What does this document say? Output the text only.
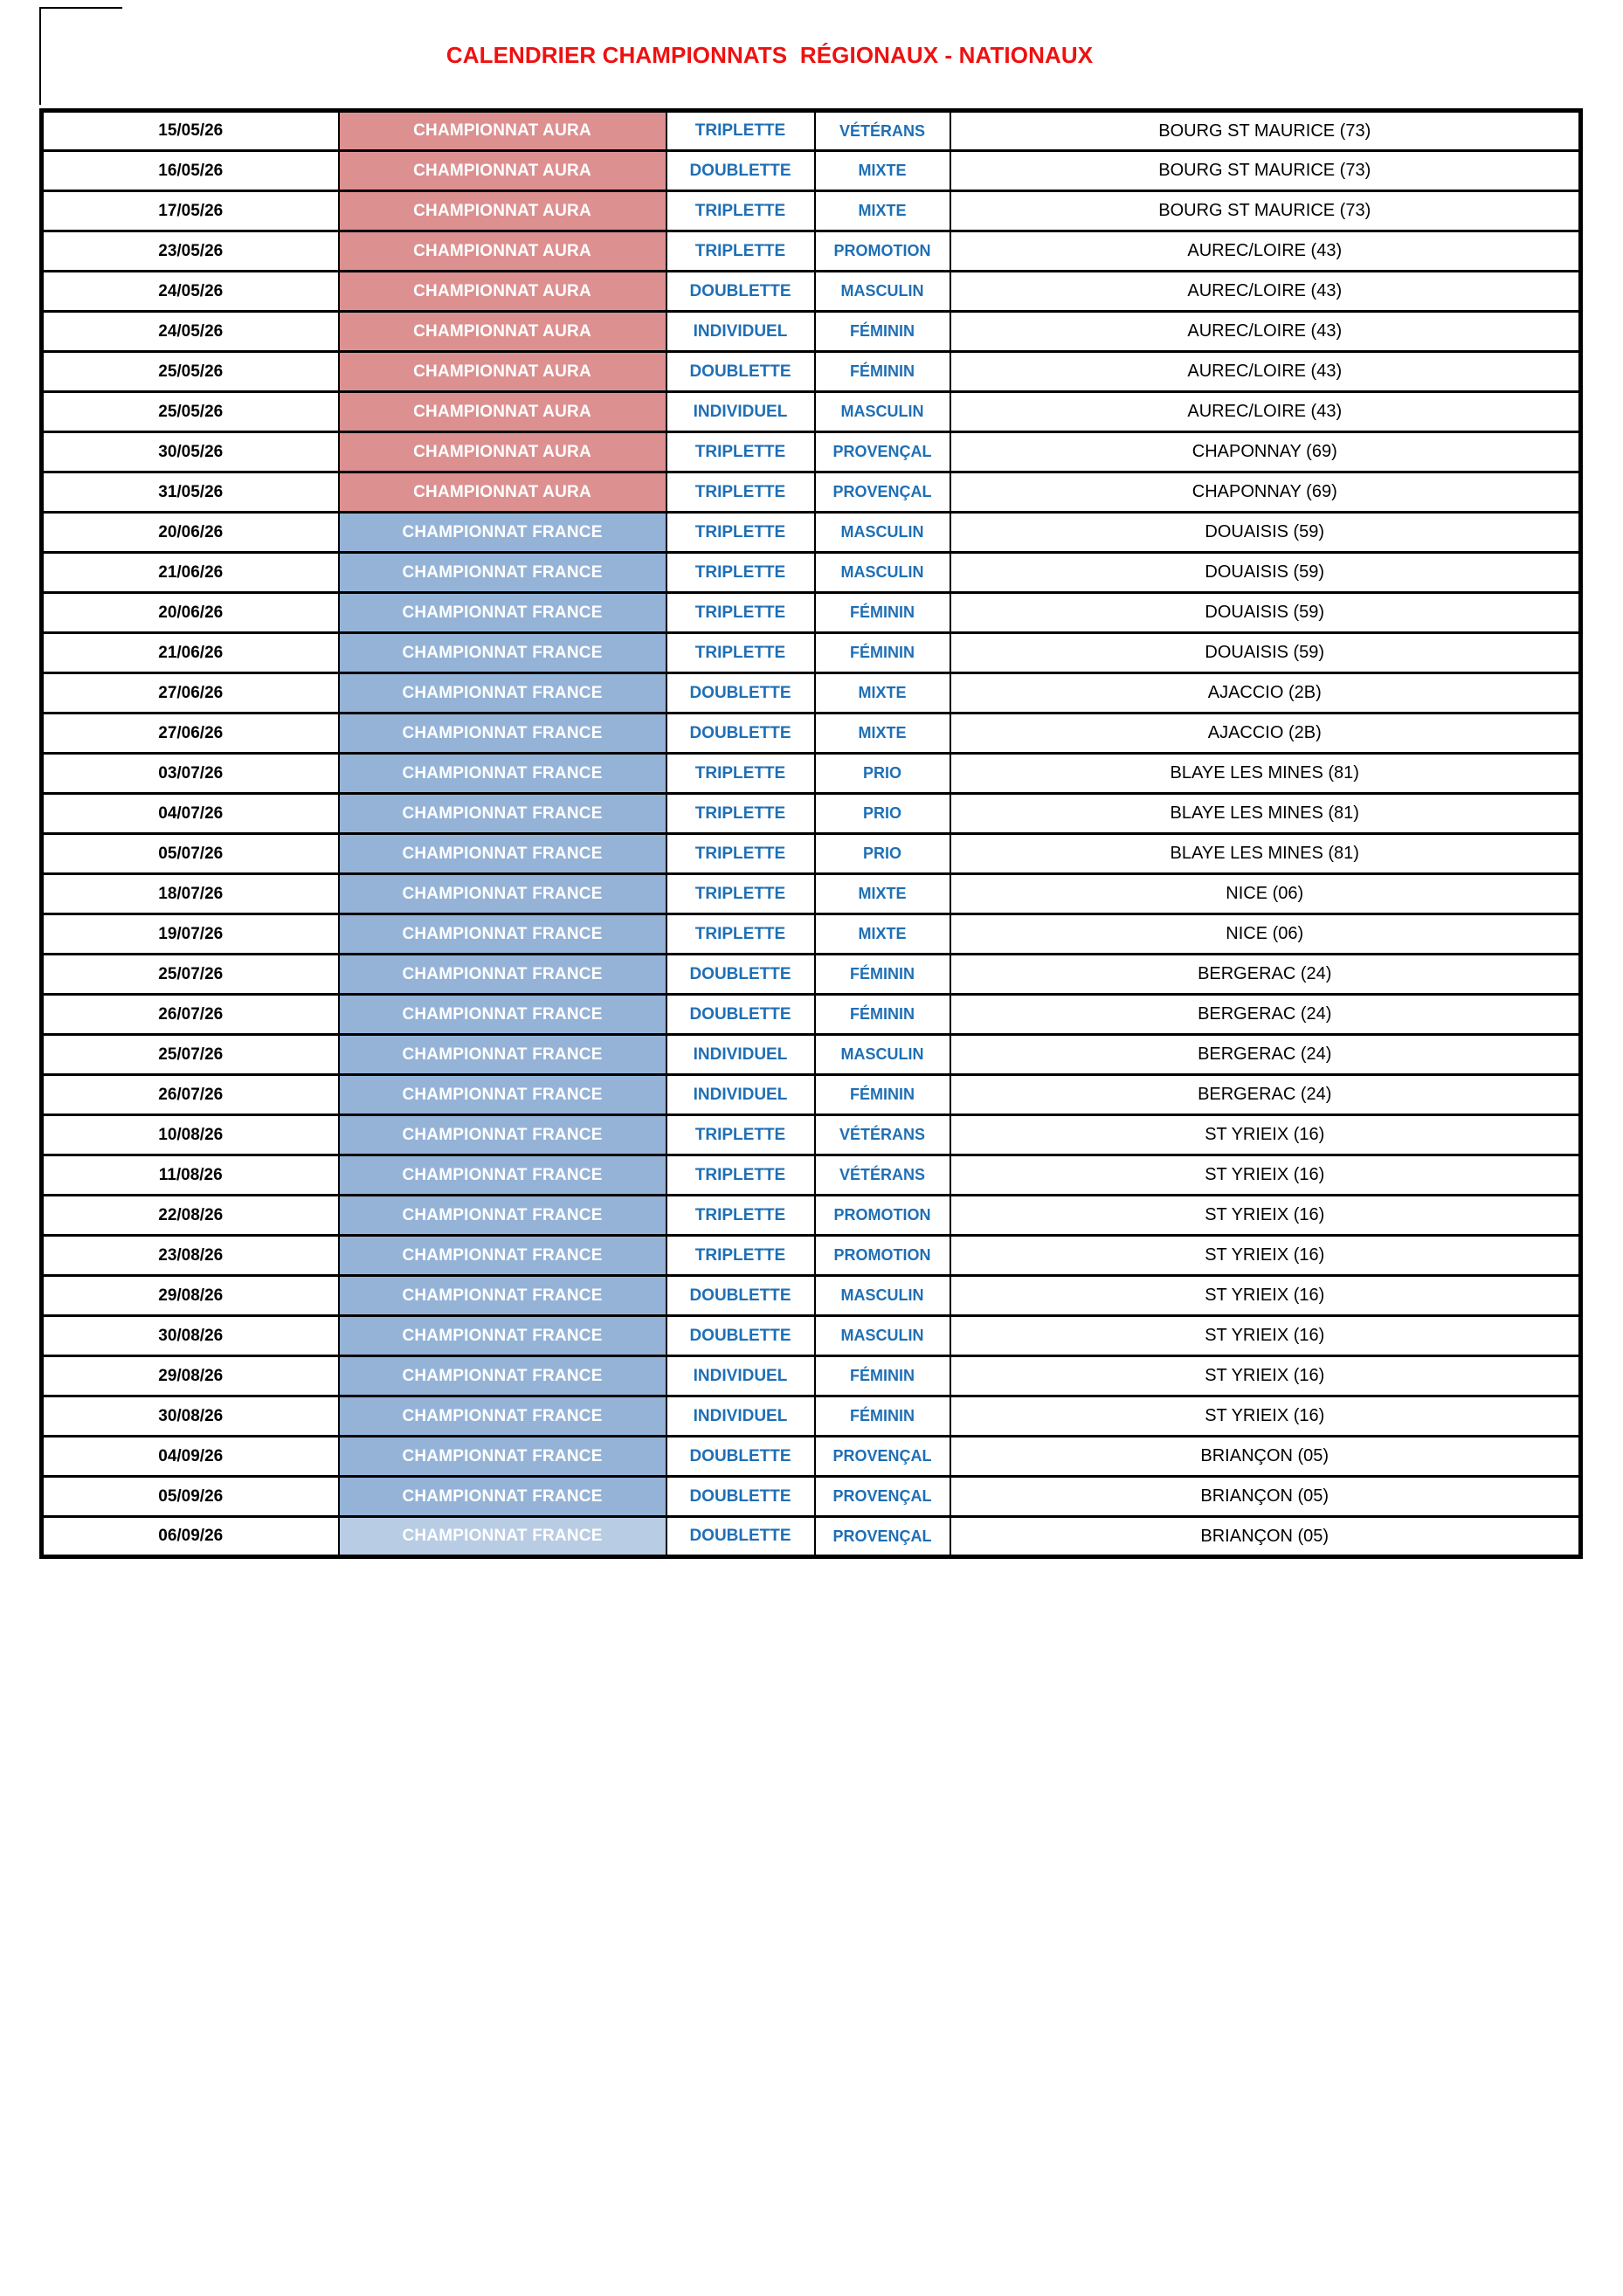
CALENDRIER CHAMPIONNATS  RÉGIONAUX - NATIONAUX
15/05/26	CHAMPIONNAT AURA	TRIPLETTE	VÉTÉRANS	BOURG ST MAURICE (73)
16/05/26	CHAMPIONNAT AURA	DOUBLETTE	MIXTE	BOURG ST MAURICE (73)
17/05/26	CHAMPIONNAT AURA	TRIPLETTE	MIXTE	BOURG ST MAURICE (73)
23/05/26	CHAMPIONNAT AURA	TRIPLETTE	PROMOTION	AUREC/LOIRE (43)
24/05/26	CHAMPIONNAT AURA	DOUBLETTE	MASCULIN	AUREC/LOIRE (43)
24/05/26	CHAMPIONNAT AURA	INDIVIDUEL	FÉMININ	AUREC/LOIRE (43)
25/05/26	CHAMPIONNAT AURA	DOUBLETTE	FÉMININ	AUREC/LOIRE (43)
25/05/26	CHAMPIONNAT AURA	INDIVIDUEL	MASCULIN	AUREC/LOIRE (43)
30/05/26	CHAMPIONNAT AURA	TRIPLETTE	PROVENÇAL	CHAPONNAY (69)
31/05/26	CHAMPIONNAT AURA	TRIPLETTE	PROVENÇAL	CHAPONNAY (69)
20/06/26	CHAMPIONNAT FRANCE	TRIPLETTE	MASCULIN	DOUAISIS (59)
21/06/26	CHAMPIONNAT FRANCE	TRIPLETTE	MASCULIN	DOUAISIS (59)
20/06/26	CHAMPIONNAT FRANCE	TRIPLETTE	FÉMININ	DOUAISIS (59)
21/06/26	CHAMPIONNAT FRANCE	TRIPLETTE	FÉMININ	DOUAISIS (59)
27/06/26	CHAMPIONNAT FRANCE	DOUBLETTE	MIXTE	AJACCIO (2B)
27/06/26	CHAMPIONNAT FRANCE	DOUBLETTE	MIXTE	AJACCIO (2B)
03/07/26	CHAMPIONNAT FRANCE	TRIPLETTE	PRIO	BLAYE LES MINES (81)
04/07/26	CHAMPIONNAT FRANCE	TRIPLETTE	PRIO	BLAYE LES MINES (81)
05/07/26	CHAMPIONNAT FRANCE	TRIPLETTE	PRIO	BLAYE LES MINES (81)
18/07/26	CHAMPIONNAT FRANCE	TRIPLETTE	MIXTE	NICE (06)
19/07/26	CHAMPIONNAT FRANCE	TRIPLETTE	MIXTE	NICE (06)
25/07/26	CHAMPIONNAT FRANCE	DOUBLETTE	FÉMININ	BERGERAC (24)
26/07/26	CHAMPIONNAT FRANCE	DOUBLETTE	FÉMININ	BERGERAC (24)
25/07/26	CHAMPIONNAT FRANCE	INDIVIDUEL	MASCULIN	BERGERAC (24)
26/07/26	CHAMPIONNAT FRANCE	INDIVIDUEL	FÉMININ	BERGERAC (24)
10/08/26	CHAMPIONNAT FRANCE	TRIPLETTE	VÉTÉRANS	ST YRIEIX (16)
11/08/26	CHAMPIONNAT FRANCE	TRIPLETTE	VÉTÉRANS	ST YRIEIX (16)
22/08/26	CHAMPIONNAT FRANCE	TRIPLETTE	PROMOTION	ST YRIEIX (16)
23/08/26	CHAMPIONNAT FRANCE	TRIPLETTE	PROMOTION	ST YRIEIX (16)
29/08/26	CHAMPIONNAT FRANCE	DOUBLETTE	MASCULIN	ST YRIEIX (16)
30/08/26	CHAMPIONNAT FRANCE	DOUBLETTE	MASCULIN	ST YRIEIX (16)
29/08/26	CHAMPIONNAT FRANCE	INDIVIDUEL	FÉMININ	ST YRIEIX (16)
30/08/26	CHAMPIONNAT FRANCE	INDIVIDUEL	FÉMININ	ST YRIEIX (16)
04/09/26	CHAMPIONNAT FRANCE	DOUBLETTE	PROVENÇAL	BRIANÇON (05)
05/09/26	CHAMPIONNAT FRANCE	DOUBLETTE	PROVENÇAL	BRIANÇON (05)
06/09/26	CHAMPIONNAT FRANCE	DOUBLETTE	PROVENÇAL	BRIANÇON (05)
